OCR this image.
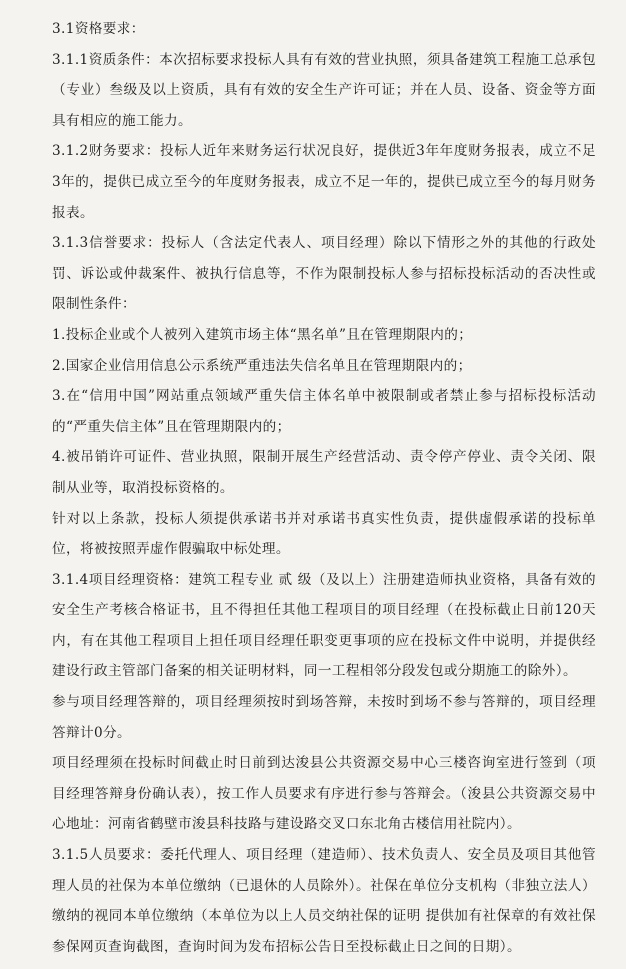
3.1资格要求：

3.1.1资质条件：本次招标要求投标人具有有效的营业执照，须具备建筑工程施工总承包（专业）叁级及以上资质，具有有效的安全生产许可证；并在人员、设备、资金等方面具有相应的施工能力。

3.1.2财务要求：投标人近年来财务运行状况良好，提供近3年年度财务报表，成立不足3年的，提供已成立至今的年度财务报表，成立不足一年的，提供已成立至今的每月财务报表。

3.1.3信誉要求：投标人（含法定代表人、项目经理）除以下情形之外的其他的行政处罚、诉讼或仲裁案件、被执行信息等，不作为限制投标人参与招标投标活动的否决性或限制性条件：

1.投标企业或个人被列入建筑市场主体“黑名单”且在管理期限内的；

2.国家企业信用信息公示系统严重违法失信名单且在管理期限内的；

3.在“信用中国”网站重点领域严重失信主体名单中被限制或者禁止参与招标投标活动的“严重失信主体”且在管理期限内的；

4.被吊销许可证件、营业执照，限制开展生产经营活动、责令停产停业、责令关闭、限制从业等，取消投标资格的。

针对以上条款，投标人须提供承诺书并对承诺书真实性负责，提供虚假承诺的投标单位，将被按照弄虚作假骗取中标处理。

3.1.4项目经理资格：建筑工程专业 贰 级（及以上）注册建造师执业资格，具备有效的安全生产考核合格证书，且不得担任其他工程项目的项目经理（在投标截止日前120天内，有在其他工程项目上担任项目经理任职变更事项的应在投标文件中说明，并提供经建设行政主管部门备案的相关证明材料，同一工程相邻分段发包或分期施工的除外）。

参与项目经理答辩的，项目经理须按时到场答辩，未按时到场不参与答辩的，项目经理答辩计0分。

项目经理须在投标时间截止时日前到达浚县公共资源交易中心三楼咨询室进行签到（项目经理答辩身份确认表），按工作人员要求有序进行参与答辩会。（浚县公共资源交易中心地址：河南省鹤壁市浚县科技路与建设路交叉口东北角古楼信用社院内）。

3.1.5人员要求：委托代理人、项目经理（建造师）、技术负责人、安全员及项目其他管理人员的社保为本单位缴纳（已退休的人员除外）。社保在单位分支机构（非独立法人）缴纳的视同本单位缴纳（本单位为以上人员交纳社保的证明 提供加有社保章的有效社保参保网页查询截图，查询时间为发布招标公告日至投标截止日之间的日期）。
